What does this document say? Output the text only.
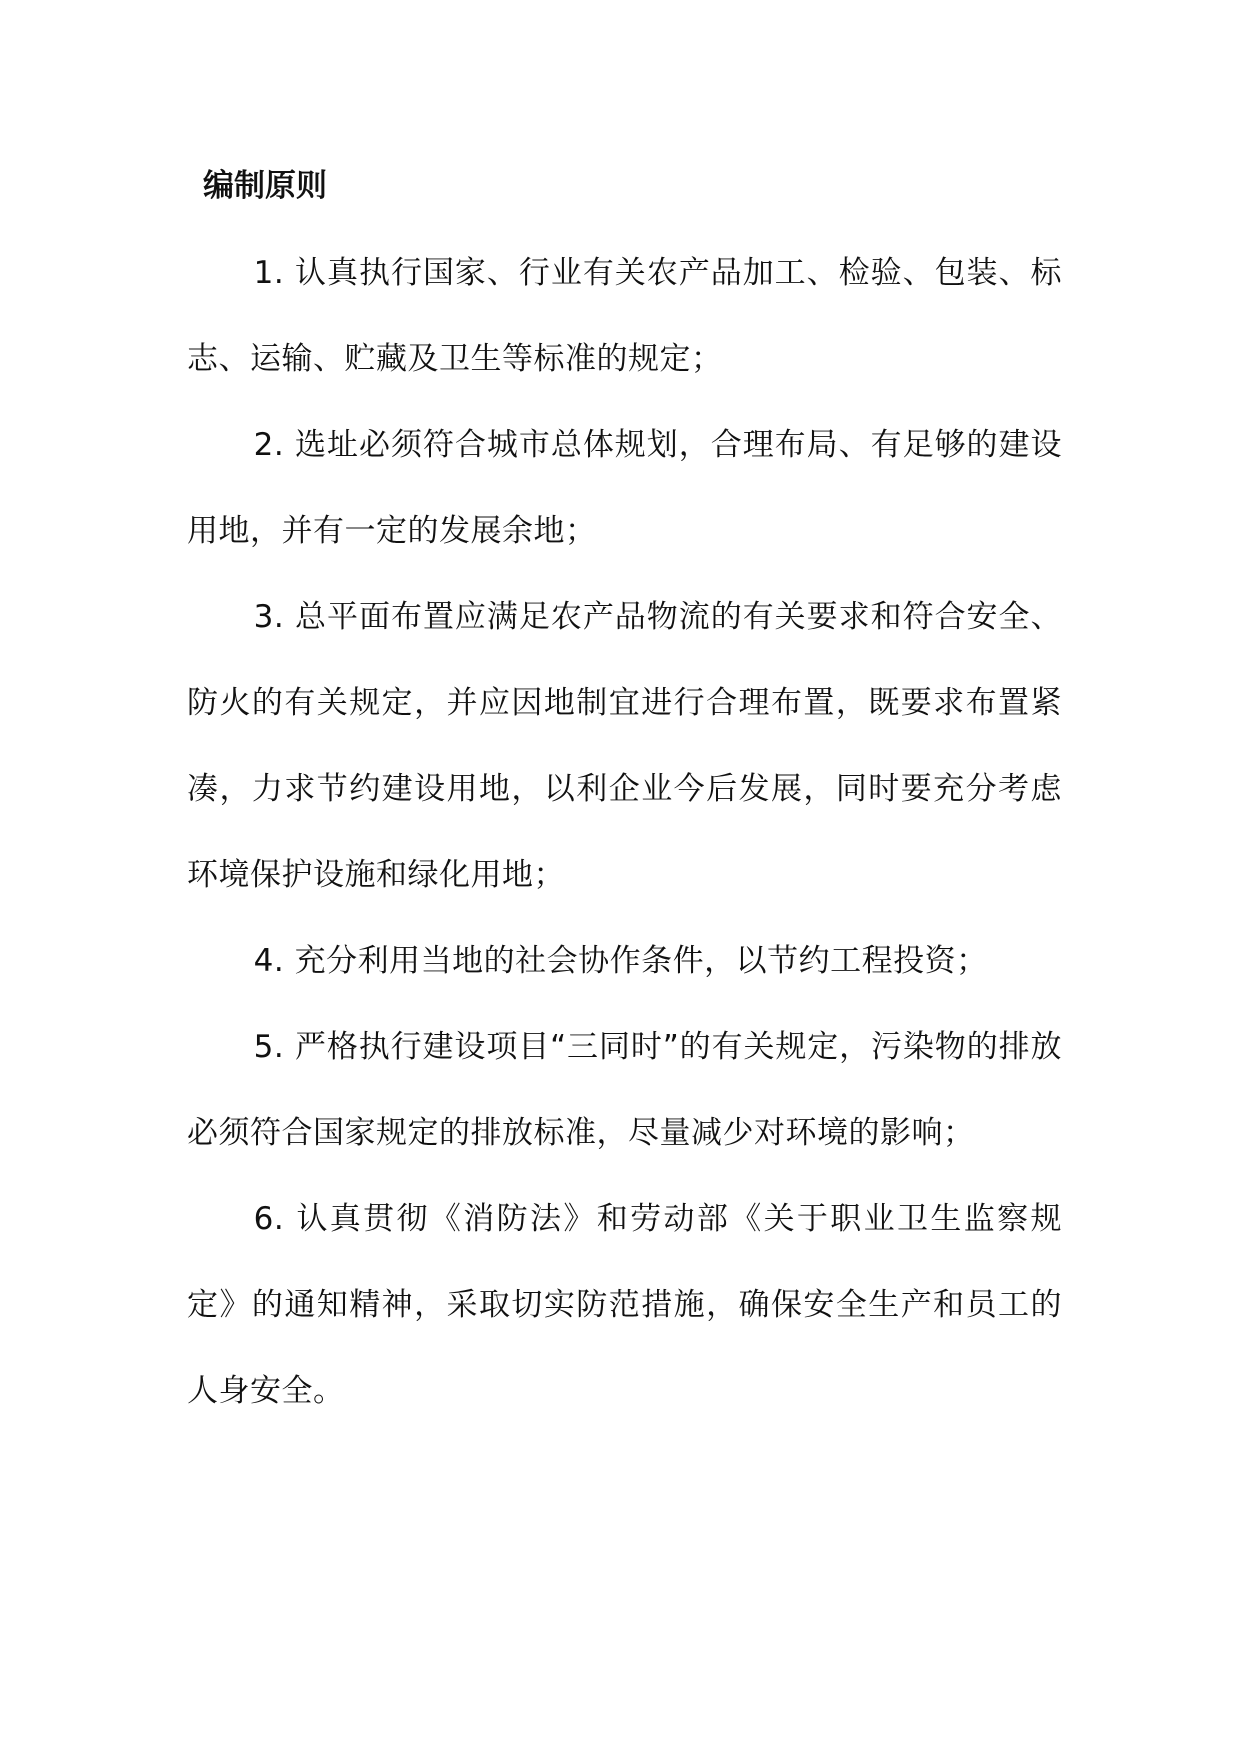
编制原则

1. 认真执行国家、行业有关农产品加工、检验、包装、标志、运输、贮藏及卫生等标准的规定；

2. 选址必须符合城市总体规划，合理布局、有足够的建设用地，并有一定的发展余地；

3. 总平面布置应满足农产品物流的有关要求和符合安全、防火的有关规定，并应因地制宜进行合理布置，既要求布置紧凑，力求节约建设用地，以利企业今后发展，同时要充分考虑环境保护设施和绿化用地；

4. 充分利用当地的社会协作条件，以节约工程投资；

5. 严格执行建设项目“三同时”的有关规定，污染物的排放必须符合国家规定的排放标准，尽量减少对环境的影响；

6. 认真贯彻《消防法》和劳动部《关于职业卫生监察规定》的通知精神，采取切实防范措施，确保安全生产和员工的人身安全。
